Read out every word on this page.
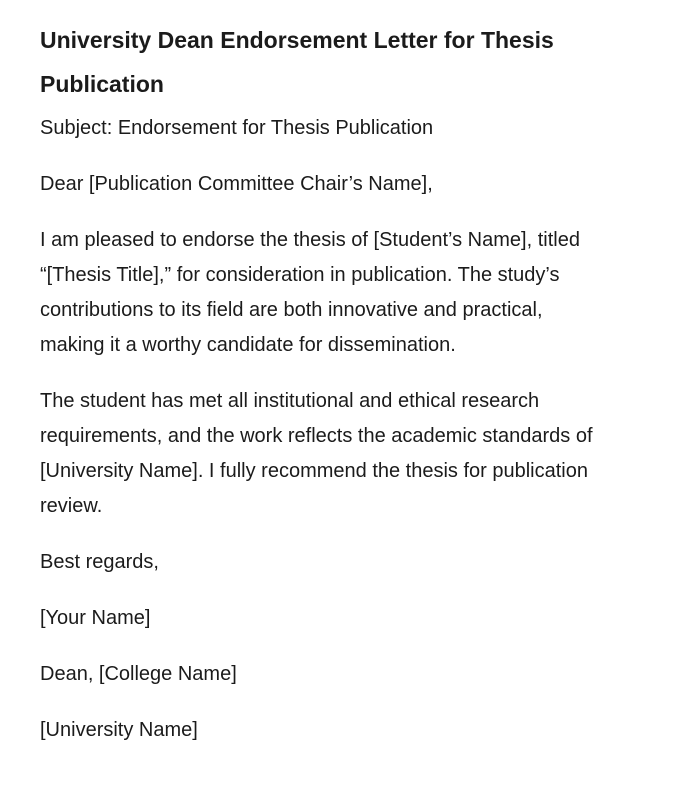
University Dean Endorsement Letter for Thesis Publication

Subject: Endorsement for Thesis Publication

Dear [Publication Committee Chair’s Name],

I am pleased to endorse the thesis of [Student’s Name], titled “[Thesis Title],” for consideration in publication. The study’s contributions to its field are both innovative and practical, making it a worthy candidate for dissemination.

The student has met all institutional and ethical research requirements, and the work reflects the academic standards of [University Name]. I fully recommend the thesis for publication review.

Best regards,

[Your Name]

Dean, [College Name]

[University Name]
